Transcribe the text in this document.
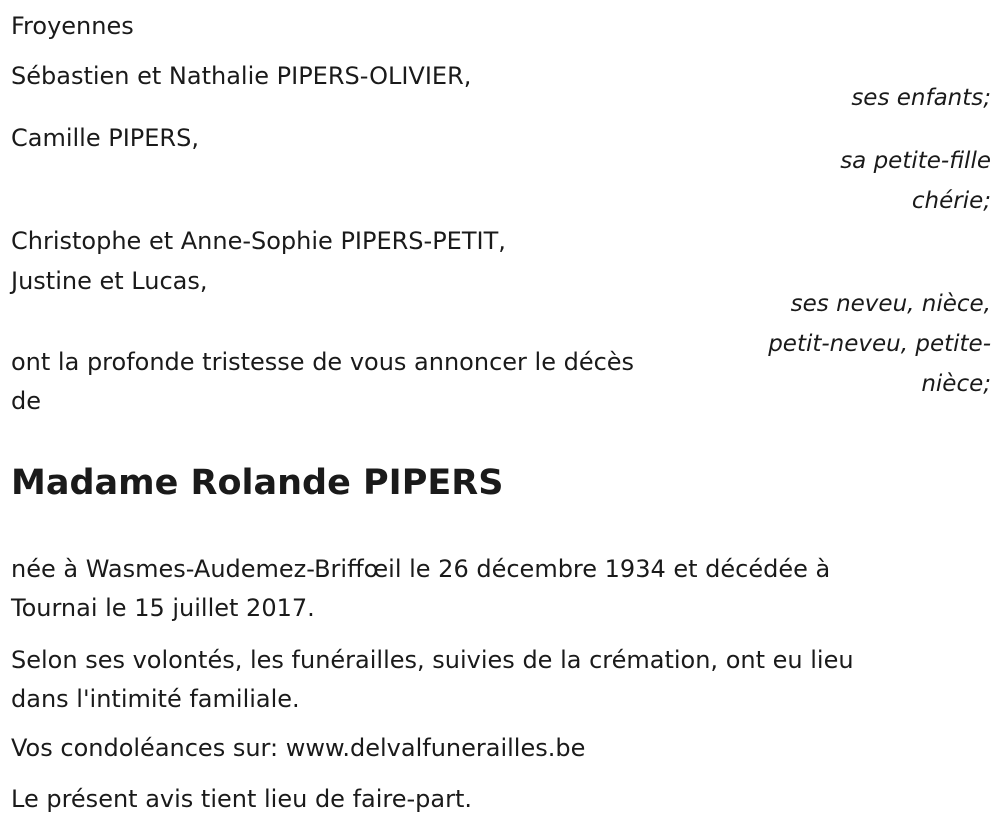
Froyennes
Sébastien et Nathalie PIPERS-OLIVIER,
ses enfants;
Camille PIPERS,
sa petite-fille
chérie;
Christophe et Anne-Sophie PIPERS-PETIT,
Justine et Lucas,
ses neveu, nièce,
petit-neveu, petite-
nièce;
ont la profonde tristesse de vous annoncer le décès
de
Madame Rolande PIPERS
née à Wasmes-Audemez-Briffœil le 26 décembre 1934 et décédée à
Tournai le 15 juillet 2017.
Selon ses volontés, les funérailles, suivies de la crémation, ont eu lieu
dans l'intimité familiale.
Vos condoléances sur: www.delvalfunerailles.be
Le présent avis tient lieu de faire-part.
